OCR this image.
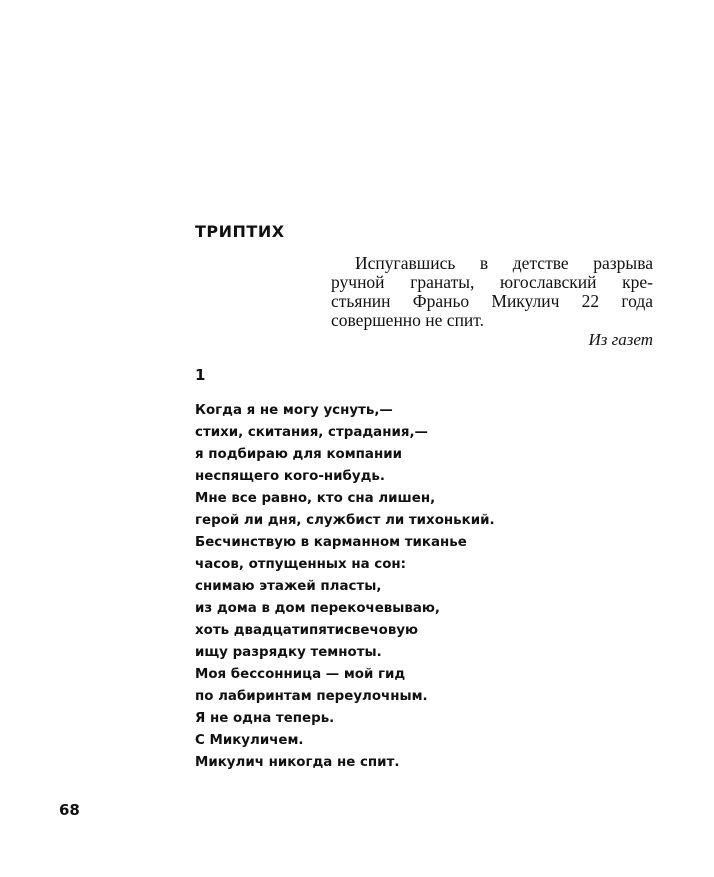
ТРИПТИХ
Испугавшись в детстве разрыва
ручной гранаты, югославский кре-
стьянин Франьо Микулич 22 года
совершенно не спит.
Из газет
1
Когда я не могу уснуть,—
стихи, скитания, страдания,—
я подбираю для компании
неспящего кого-нибудь.
Мне все равно, кто сна лишен,
герой ли дня, службист ли тихонький.
Бесчинствую в карманном тиканье
часов, отпущенных на сон:
снимаю этажей пласты,
из дома в дом перекочевываю,
хоть двадцатипятисвечовую
ищу разрядку темноты.
Моя бессонница — мой гид
по лабиринтам переулочным.
Я не одна теперь.
С Микуличем.
Микулич никогда не спит.
68
